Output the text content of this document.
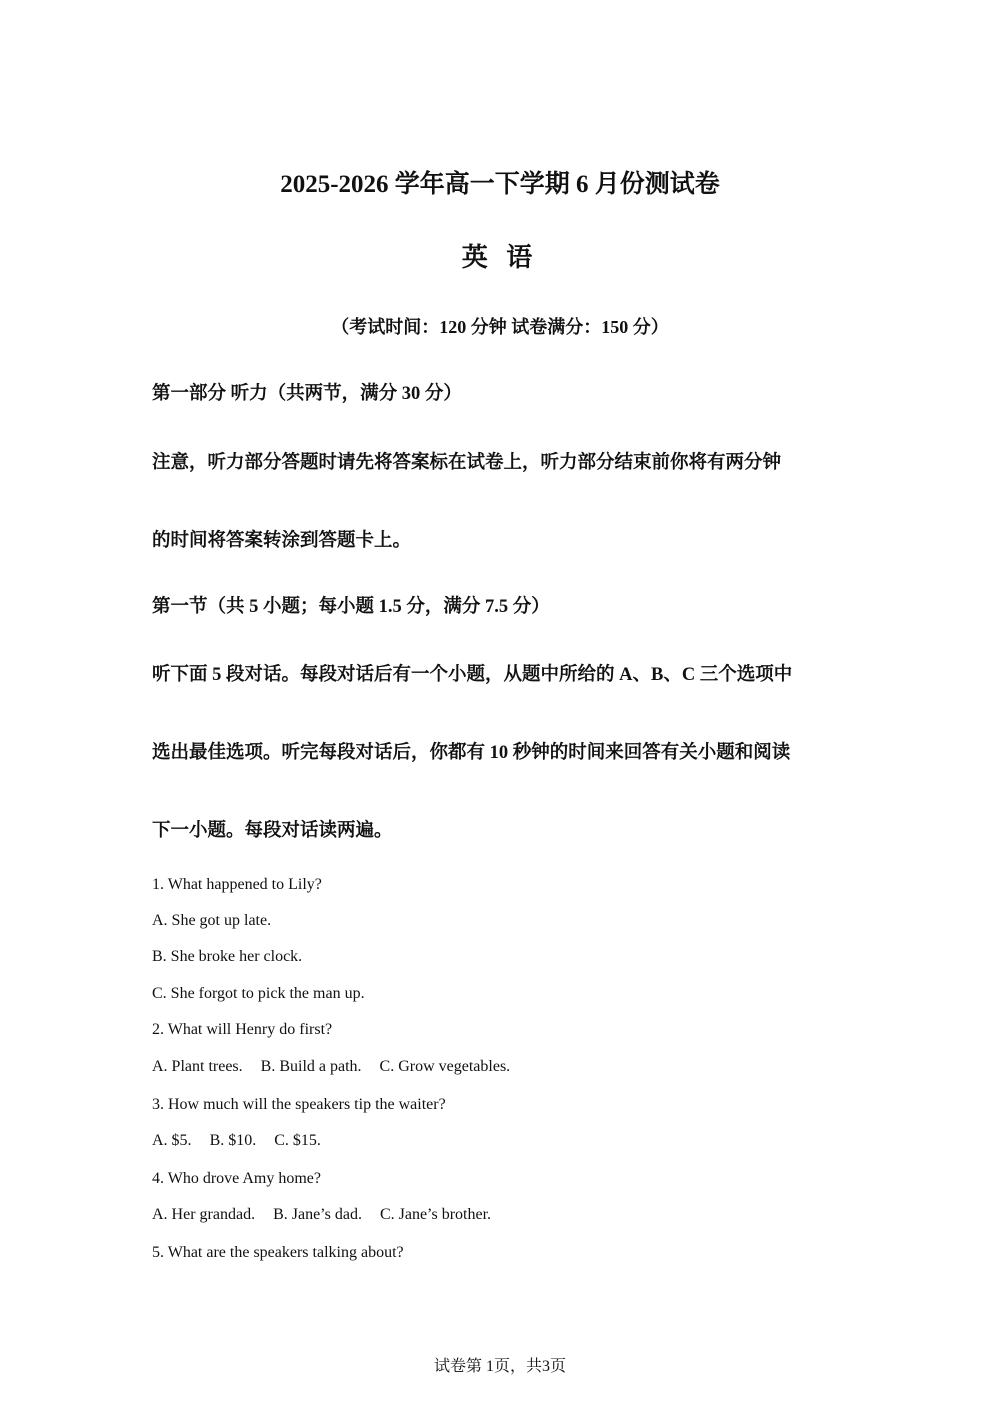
2025-2026 学年高一下学期 6 月份测试卷
英 语
（考试时间：120 分钟 试卷满分：150 分）
第一部分 听力（共两节，满分 30 分）
注意，听力部分答题时请先将答案标在试卷上，听力部分结束前你将有两分钟
的时间将答案转涂到答题卡上。
第一节（共 5 小题；每小题 1.5 分，满分 7.5 分）
听下面 5 段对话。每段对话后有一个小题，从题中所给的 A、B、C 三个选项中
选出最佳选项。听完每段对话后，你都有 10 秒钟的时间来回答有关小题和阅读
下一小题。每段对话读两遍。
1. What happened to Lily?
A. She got up late.
B. She broke her clock.
C. She forgot to pick the man up.
2. What will Henry do first?
A. Plant trees. B. Build a path. C. Grow vegetables.
3. How much will the speakers tip the waiter?
A. $5. B. $10. C. $15.
4. Who drove Amy home?
A. Her grandad. B. Jane’s dad. C. Jane’s brother.
5. What are the speakers talking about?
试卷第 1页，共3页
